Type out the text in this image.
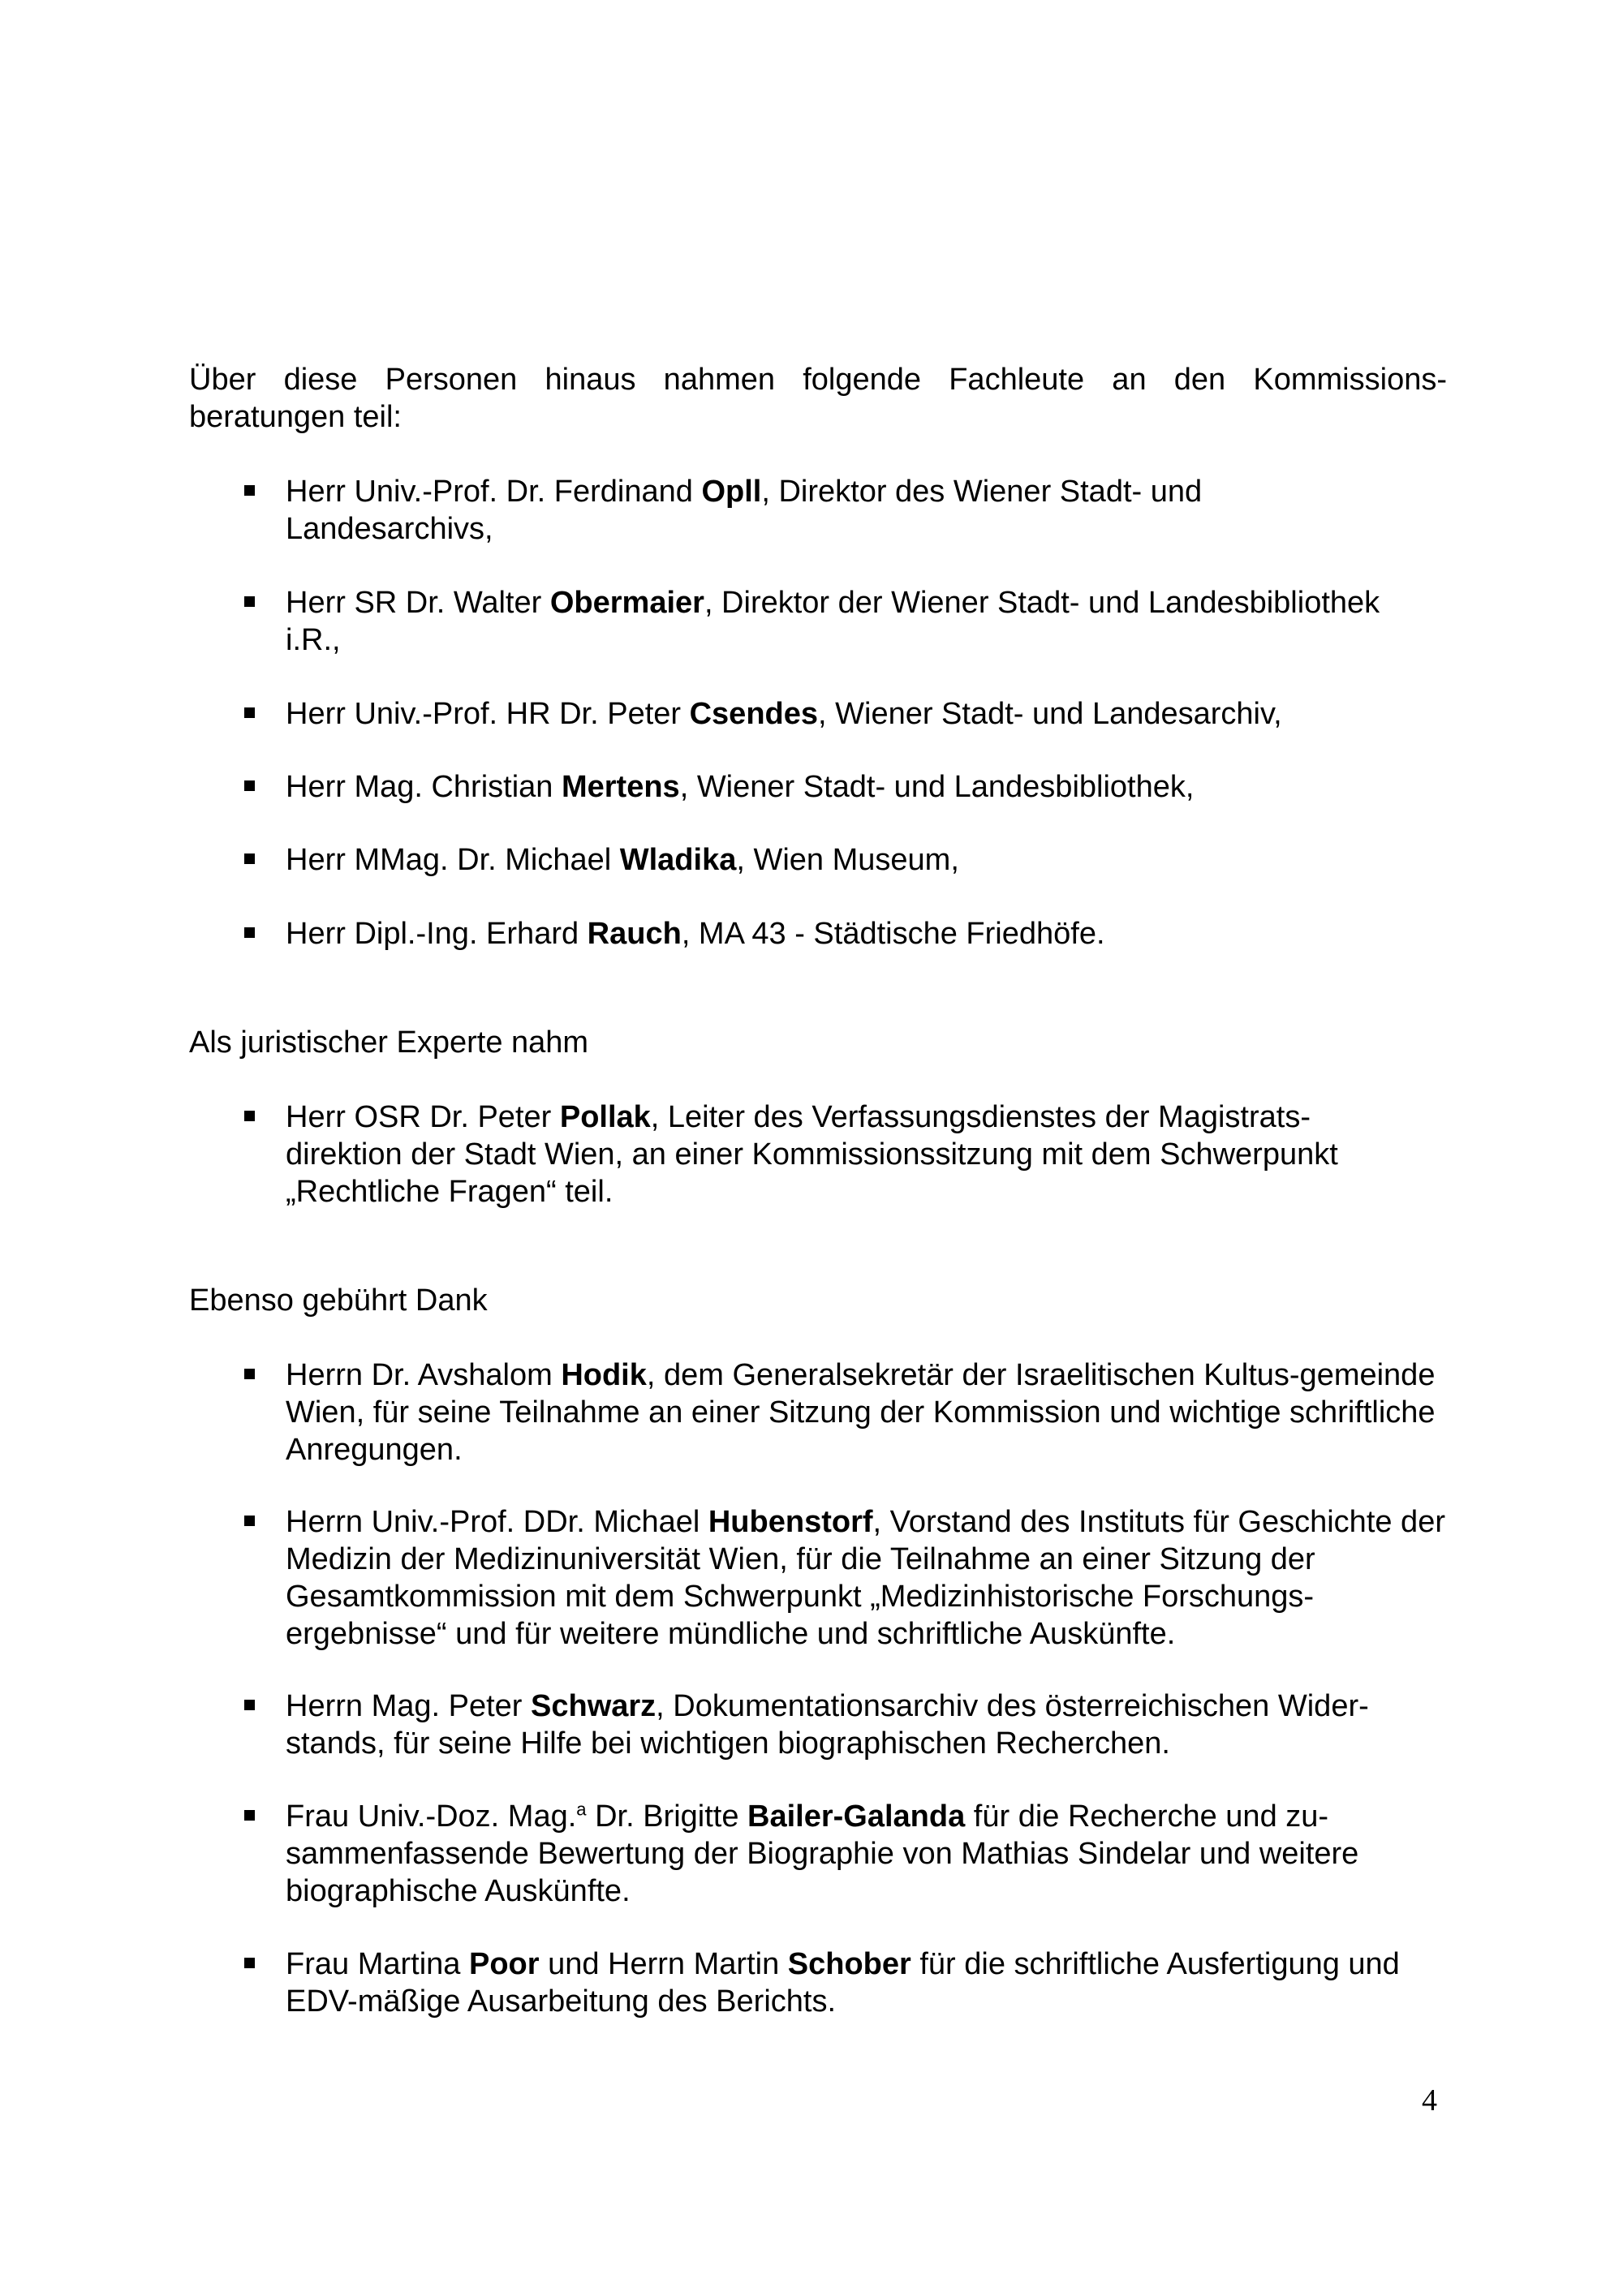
Über diese Personen hinaus nahmen folgende Fachleute an den Kommissions-
beratungen teil:

Herr Univ.-Prof. Dr. Ferdinand Opll, Direktor des Wiener Stadt- und Landesarchivs,

Herr SR Dr. Walter Obermaier, Direktor der Wiener Stadt- und Landesbibliothek i.R.,

Herr Univ.-Prof. HR Dr. Peter Csendes, Wiener Stadt- und Landesarchiv,

Herr Mag. Christian Mertens, Wiener Stadt- und Landesbibliothek,

Herr MMag. Dr. Michael Wladika, Wien Museum,

Herr Dipl.-Ing. Erhard Rauch, MA 43 - Städtische Friedhöfe.

Als juristischer Experte nahm

Herr OSR Dr. Peter Pollak, Leiter des Verfassungsdienstes der Magistrats-direktion der Stadt Wien, an einer Kommissionssitzung mit dem Schwerpunkt „Rechtliche Fragen“ teil.

Ebenso gebührt Dank

Herrn Dr. Avshalom Hodik, dem Generalsekretär der Israelitischen Kultus-gemeinde Wien, für seine Teilnahme an einer Sitzung der Kommission und wichtige schriftliche Anregungen.

Herrn Univ.-Prof. DDr. Michael Hubenstorf, Vorstand des Instituts für Geschichte der Medizin der Medizinuniversität Wien, für die Teilnahme an einer Sitzung der Gesamtkommission mit dem Schwerpunkt „Medizinhistorische Forschungs-ergebnisse“ und für weitere mündliche und schriftliche Auskünfte.

Herrn Mag. Peter Schwarz, Dokumentationsarchiv des österreichischen Wider-stands, für seine Hilfe bei wichtigen biographischen Recherchen.

Frau Univ.-Doz. Mag.$^a$ Dr. Brigitte Bailer-Galanda für die Recherche und zu-sammenfassende Bewertung der Biographie von Mathias Sindelar und weitere biographische Auskünfte.

Frau Martina Poor und Herrn Martin Schober für die schriftliche Ausfertigung und EDV-mäßige Ausarbeitung des Berichts.

4
